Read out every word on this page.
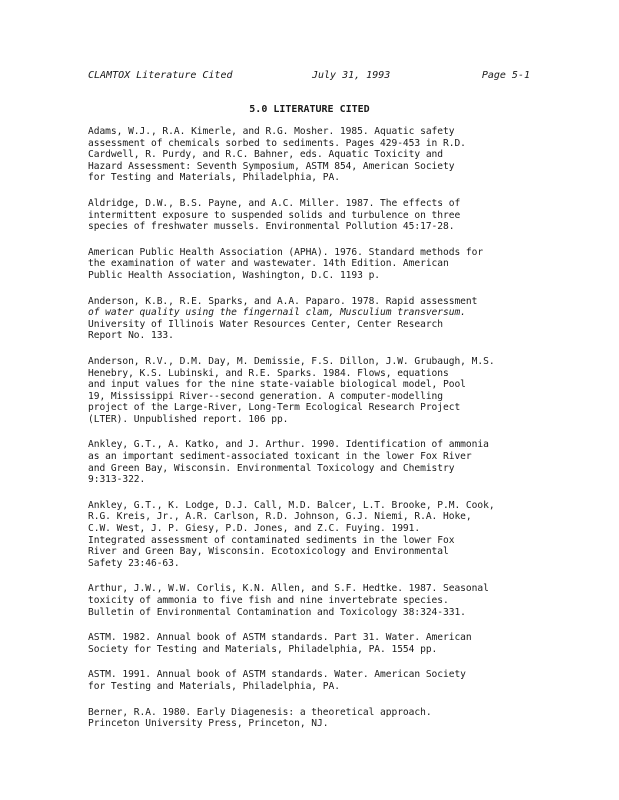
CLAMTOX Literature Cited	July 31, 1993	Page 5-1
5.0 LITERATURE CITED
Adams, W.J., R.A. Kimerle, and R.G. Mosher. 1985. Aquatic safety
assessment of chemicals sorbed to sediments. Pages 429-453 in R.D.
Cardwell, R. Purdy, and R.C. Bahner, eds. Aquatic Toxicity and
Hazard Assessment: Seventh Symposium, ASTM 854, American Society
for Testing and Materials, Philadelphia, PA.
Aldridge, D.W., B.S. Payne, and A.C. Miller. 1987. The effects of
intermittent exposure to suspended solids and turbulence on three
species of freshwater mussels. Environmental Pollution 45:17-28.
American Public Health Association (APHA). 1976. Standard methods for
the examination of water and wastewater. 14th Edition. American
Public Health Association, Washington, D.C. 1193 p.
Anderson, K.B., R.E. Sparks, and A.A. Paparo. 1978. Rapid assessment
of water quality using the fingernail clam, Musculium transversum.
University of Illinois Water Resources Center, Center Research
Report No. 133.
Anderson, R.V., D.M. Day, M. Demissie, F.S. Dillon, J.W. Grubaugh, M.S.
Henebry, K.S. Lubinski, and R.E. Sparks. 1984. Flows, equations
and input values for the nine state-vaiable biological model, Pool
19, Mississippi River--second generation. A computer-modelling
project of the Large-River, Long-Term Ecological Research Project
(LTER). Unpublished report. 106 pp.
Ankley, G.T., A. Katko, and J. Arthur. 1990. Identification of ammonia
as an important sediment-associated toxicant in the lower Fox River
and Green Bay, Wisconsin. Environmental Toxicology and Chemistry
9:313-322.
Ankley, G.T., K. Lodge, D.J. Call, M.D. Balcer, L.T. Brooke, P.M. Cook,
R.G. Kreis, Jr., A.R. Carlson, R.D. Johnson, G.J. Niemi, R.A. Hoke,
C.W. West, J. P. Giesy, P.D. Jones, and Z.C. Fuying. 1991.
Integrated assessment of contaminated sediments in the lower Fox
River and Green Bay, Wisconsin. Ecotoxicology and Environmental
Safety 23:46-63.
Arthur, J.W., W.W. Corlis, K.N. Allen, and S.F. Hedtke. 1987. Seasonal
toxicity of ammonia to five fish and nine invertebrate species.
Bulletin of Environmental Contamination and Toxicology 38:324-331.
ASTM. 1982. Annual book of ASTM standards. Part 31. Water. American
Society for Testing and Materials, Philadelphia, PA. 1554 pp.
ASTM. 1991. Annual book of ASTM standards. Water. American Society
for Testing and Materials, Philadelphia, PA.
Berner, R.A. 1980. Early Diagenesis: a theoretical approach.
Princeton University Press, Princeton, NJ.
